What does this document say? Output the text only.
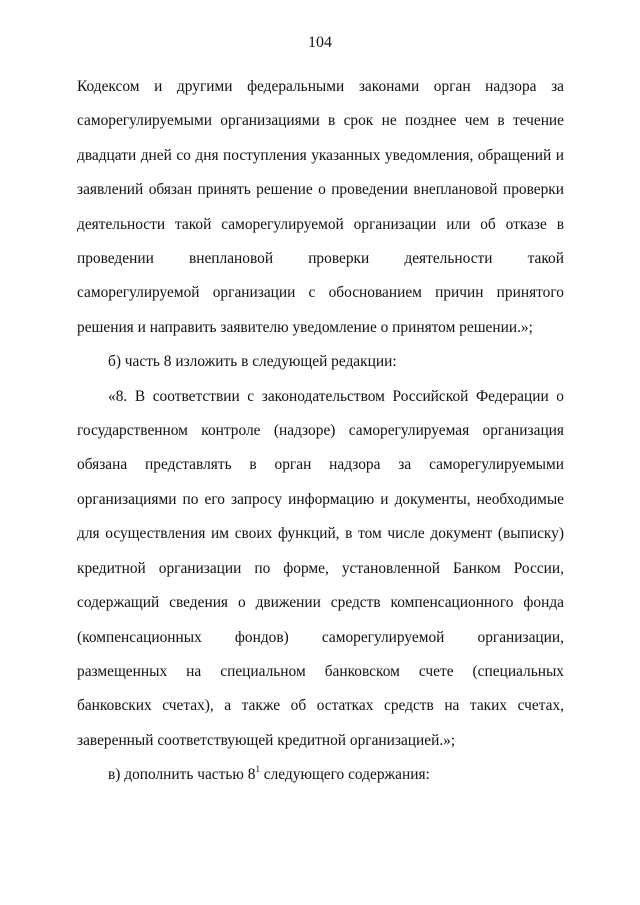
104

Кодексом и другими федеральными законами орган надзора за саморегулируемыми организациями в срок не позднее чем в течение двадцати дней со дня поступления указанных уведомления, обращений и заявлений обязан принять решение о проведении внеплановой проверки деятельности такой саморегулируемой организации или об отказе в проведении внеплановой проверки деятельности такой саморегулируемой организации с обоснованием причин принятого решения и направить заявителю уведомление о принятом решении.»;

б) часть 8 изложить в следующей редакции:

«8. В соответствии с законодательством Российской Федерации о государственном контроле (надзоре) саморегулируемая организация обязана представлять в орган надзора за саморегулируемыми организациями по его запросу информацию и документы, необходимые для осуществления им своих функций, в том числе документ (выписку) кредитной организации по форме, установленной Банком России, содержащий сведения о движении средств компенсационного фонда (компенсационных фондов) саморегулируемой организации, размещенных на специальном банковском счете (специальных банковских счетах), а также об остатках средств на таких счетах, заверенный соответствующей кредитной организацией.»;

в) дополнить частью $8^1$ следующего содержания:
